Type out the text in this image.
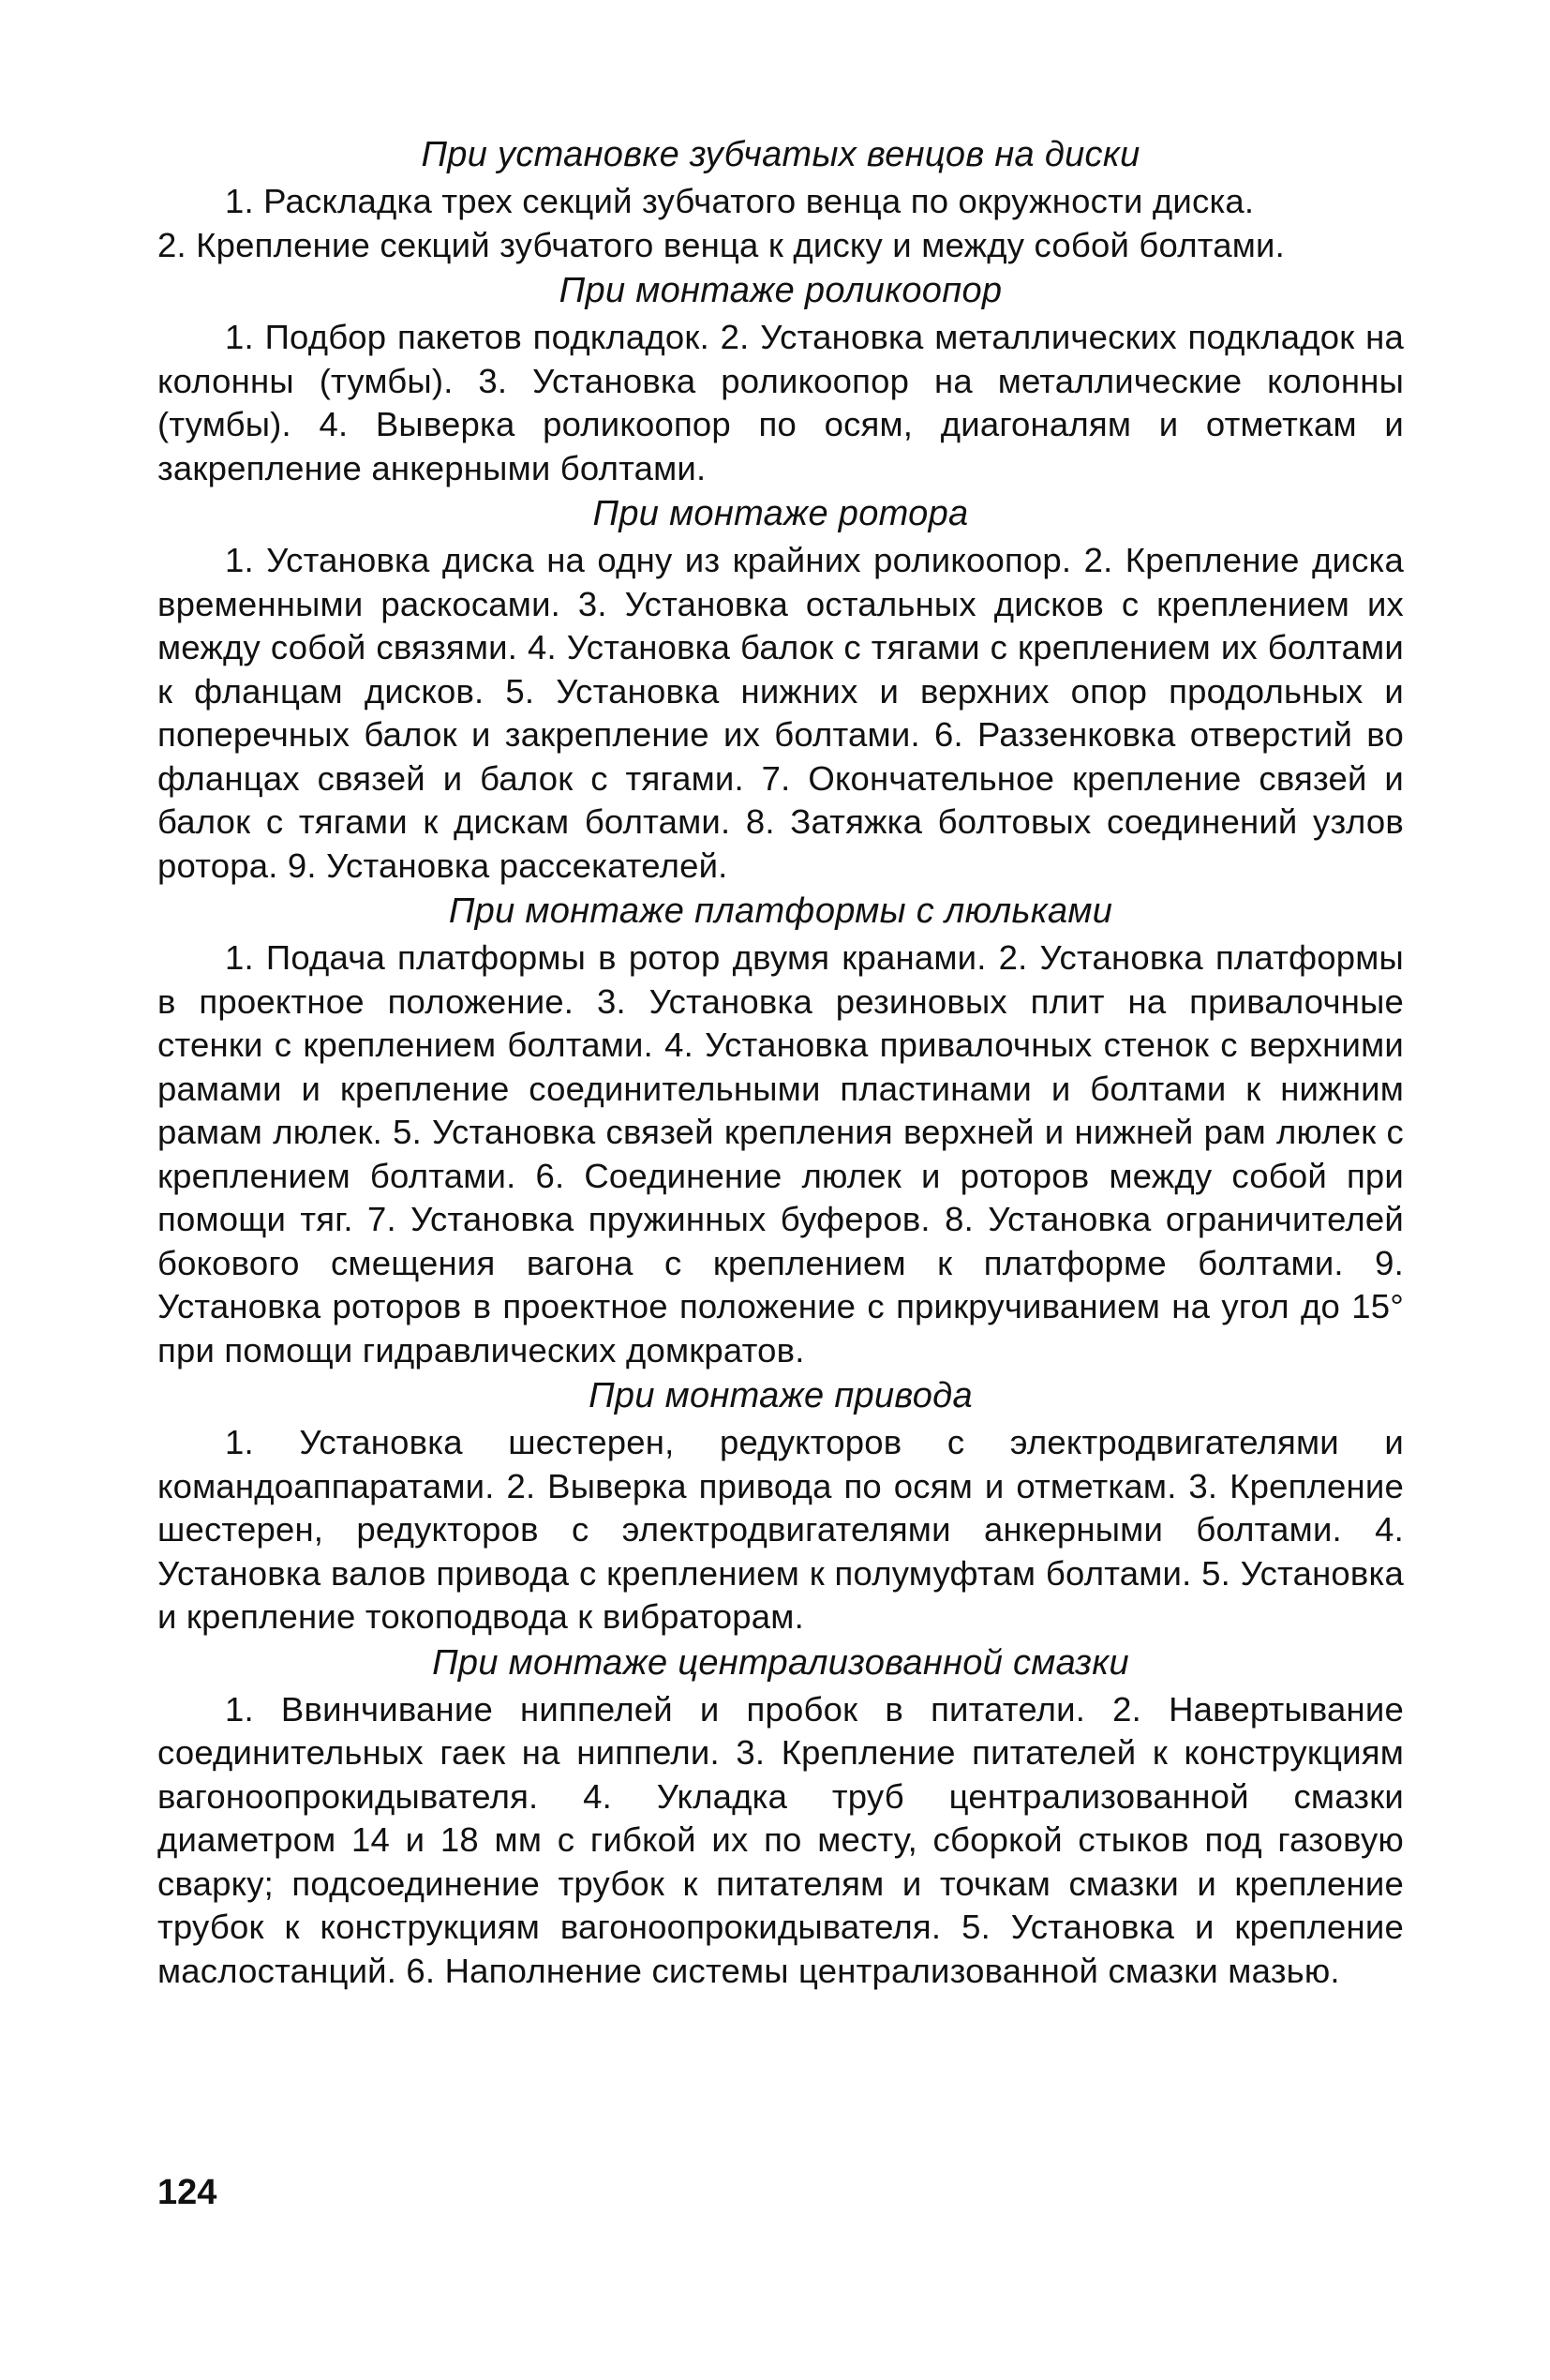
При установке зубчатых венцов на диски

1. Раскладка трех секций зубчатого венца по окружности диска.

2. Крепление секций зубчатого венца к диску и между собой болтами.

При монтаже роликоопор

1. Подбор пакетов подкладок. 2. Установка металлических подкладок на колонны (тумбы). 3. Установка роликоопор на металлические колонны (тумбы). 4. Выверка роликоопор по осям, диагоналям и отметкам и закрепление анкерными болтами.

При монтаже ротора

1. Установка диска на одну из крайних роликоопор. 2. Крепление диска временными раскосами. 3. Установка остальных дисков с креплением их между собой связями. 4. Установка балок с тягами с креплением их болтами к фланцам дисков. 5. Установка нижних и верхних опор продольных и поперечных балок и закрепление их болтами. 6. Раззенковка отверстий во фланцах связей и балок с тягами. 7. Окончательное крепление связей и балок с тягами к дискам болтами. 8. Затяжка болтовых соединений узлов ротора. 9. Установка рассекателей.

При монтаже платформы с люльками

1. Подача платформы в ротор двумя кранами. 2. Установка платформы в проектное положение. 3. Установка резиновых плит на привалочные стенки с креплением болтами. 4. Установка привалочных стенок с верхними рамами и крепление соединительными пластинами и болтами к нижним рамам люлек. 5. Установка связей крепления верхней и нижней рам люлек с креплением болтами. 6. Соединение люлек и роторов между собой при помощи тяг. 7. Установка пружинных буферов. 8. Установка ограничителей бокового смещения вагона с креплением к платформе болтами. 9. Установка роторов в проектное положение с прикручиванием на угол до 15° при помощи гидравлических домкратов.

При монтаже привода

1. Установка шестерен, редукторов с электродвигателями и командоаппаратами. 2. Выверка привода по осям и отметкам. 3. Крепление шестерен, редукторов с электродвигателями анкерными болтами. 4. Установка валов привода с креплением к полумуфтам болтами. 5. Установка и крепление токоподвода к вибраторам.

При монтаже централизованной смазки

1. Ввинчивание ниппелей и пробок в питатели. 2. Навертывание соединительных гаек на ниппели. 3. Крепление питателей к конструкциям вагоноопрокидывателя. 4. Укладка труб централизованной смазки диаметром 14 и 18 мм с гибкой их по месту, сборкой стыков под газовую сварку; подсоединение трубок к питателям и точкам смазки и крепление трубок к конструкциям вагоноопрокидывателя. 5. Установка и крепление маслостанций. 6. Наполнение системы централизованной смазки мазью.

124
